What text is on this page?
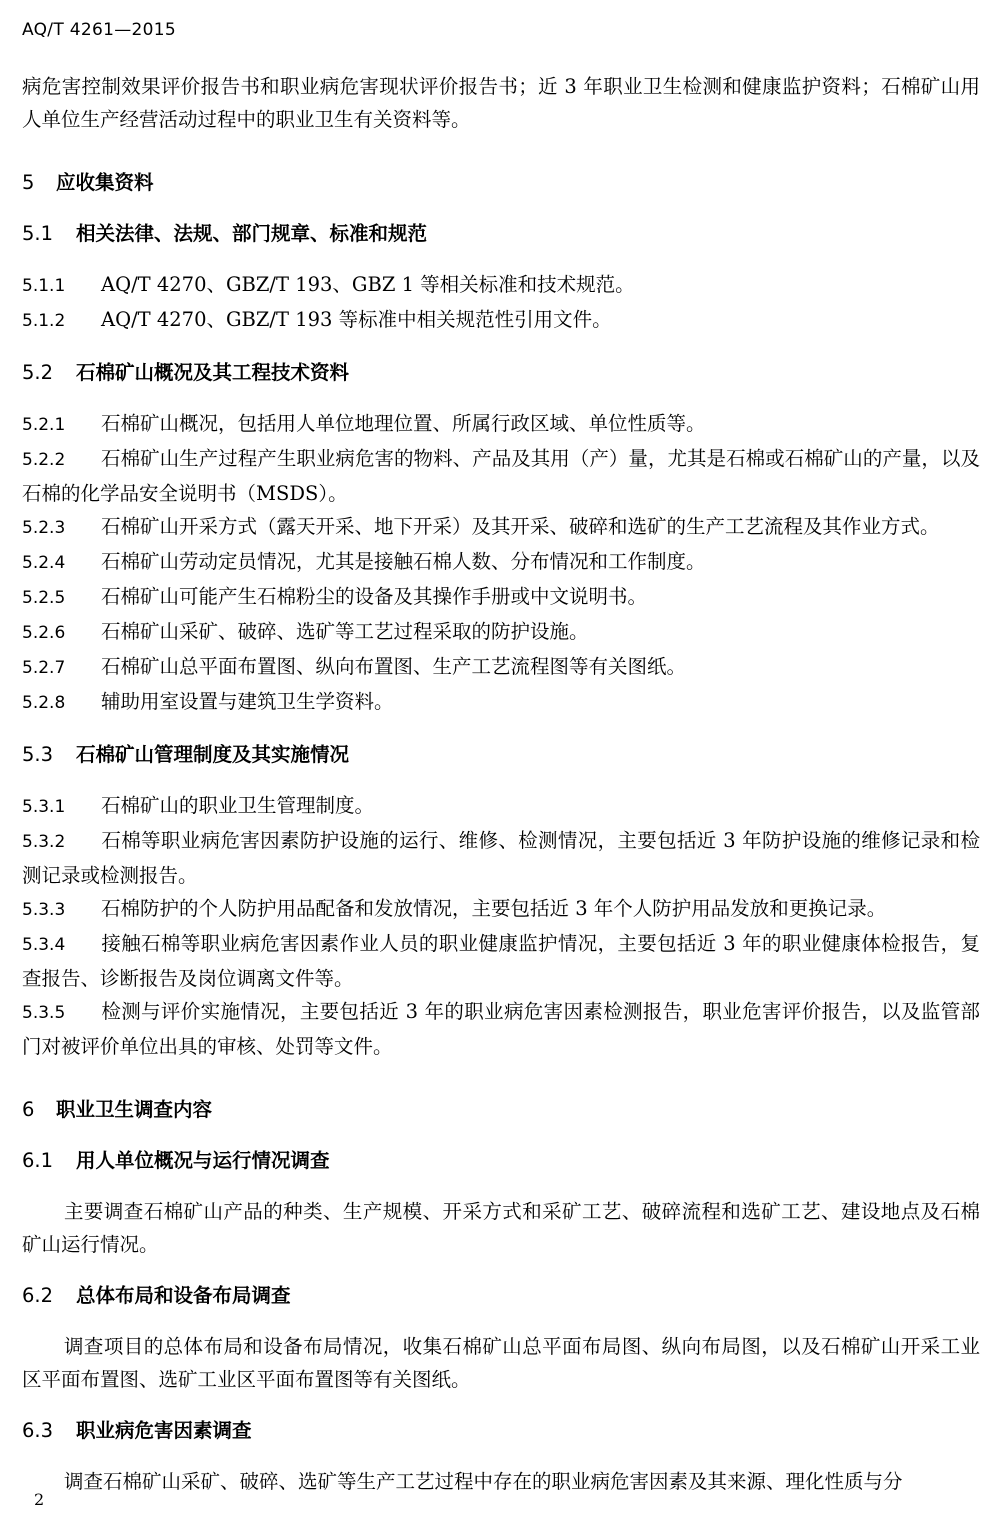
AQ/T 4261—2015

病危害控制效果评价报告书和职业病危害现状评价报告书；近 3 年职业卫生检测和健康监护资料；石棉矿山用人单位生产经营活动过程中的职业卫生有关资料等。

5 应收集资料

5.1 相关法律、法规、部门规章、标准和规范

5.1.1 AQ/T 4270、GBZ/T 193、GBZ 1 等相关标准和技术规范。

5.1.2 AQ/T 4270、GBZ/T 193 等标准中相关规范性引用文件。

5.2 石棉矿山概况及其工程技术资料

5.2.1 石棉矿山概况，包括用人单位地理位置、所属行政区域、单位性质等。

5.2.2 石棉矿山生产过程产生职业病危害的物料、产品及其用（产）量，尤其是石棉或石棉矿山的产量，以及石棉的化学品安全说明书（MSDS）。

5.2.3 石棉矿山开采方式（露天开采、地下开采）及其开采、破碎和选矿的生产工艺流程及其作业方式。

5.2.4 石棉矿山劳动定员情况，尤其是接触石棉人数、分布情况和工作制度。

5.2.5 石棉矿山可能产生石棉粉尘的设备及其操作手册或中文说明书。

5.2.6 石棉矿山采矿、破碎、选矿等工艺过程采取的防护设施。

5.2.7 石棉矿山总平面布置图、纵向布置图、生产工艺流程图等有关图纸。

5.2.8 辅助用室设置与建筑卫生学资料。

5.3 石棉矿山管理制度及其实施情况

5.3.1 石棉矿山的职业卫生管理制度。

5.3.2 石棉等职业病危害因素防护设施的运行、维修、检测情况，主要包括近 3 年防护设施的维修记录和检测记录或检测报告。

5.3.3 石棉防护的个人防护用品配备和发放情况，主要包括近 3 年个人防护用品发放和更换记录。

5.3.4 接触石棉等职业病危害因素作业人员的职业健康监护情况，主要包括近 3 年的职业健康体检报告，复查报告、诊断报告及岗位调离文件等。

5.3.5 检测与评价实施情况，主要包括近 3 年的职业病危害因素检测报告，职业危害评价报告，以及监管部门对被评价单位出具的审核、处罚等文件。

6 职业卫生调查内容

6.1 用人单位概况与运行情况调查

主要调查石棉矿山产品的种类、生产规模、开采方式和采矿工艺、破碎流程和选矿工艺、建设地点及石棉矿山运行情况。

6.2 总体布局和设备布局调查

调查项目的总体布局和设备布局情况，收集石棉矿山总平面布局图、纵向布局图，以及石棉矿山开采工业区平面布置图、选矿工业区平面布置图等有关图纸。

6.3 职业病危害因素调查

调查石棉矿山采矿、破碎、选矿等生产工艺过程中存在的职业病危害因素及其来源、理化性质与分

2
